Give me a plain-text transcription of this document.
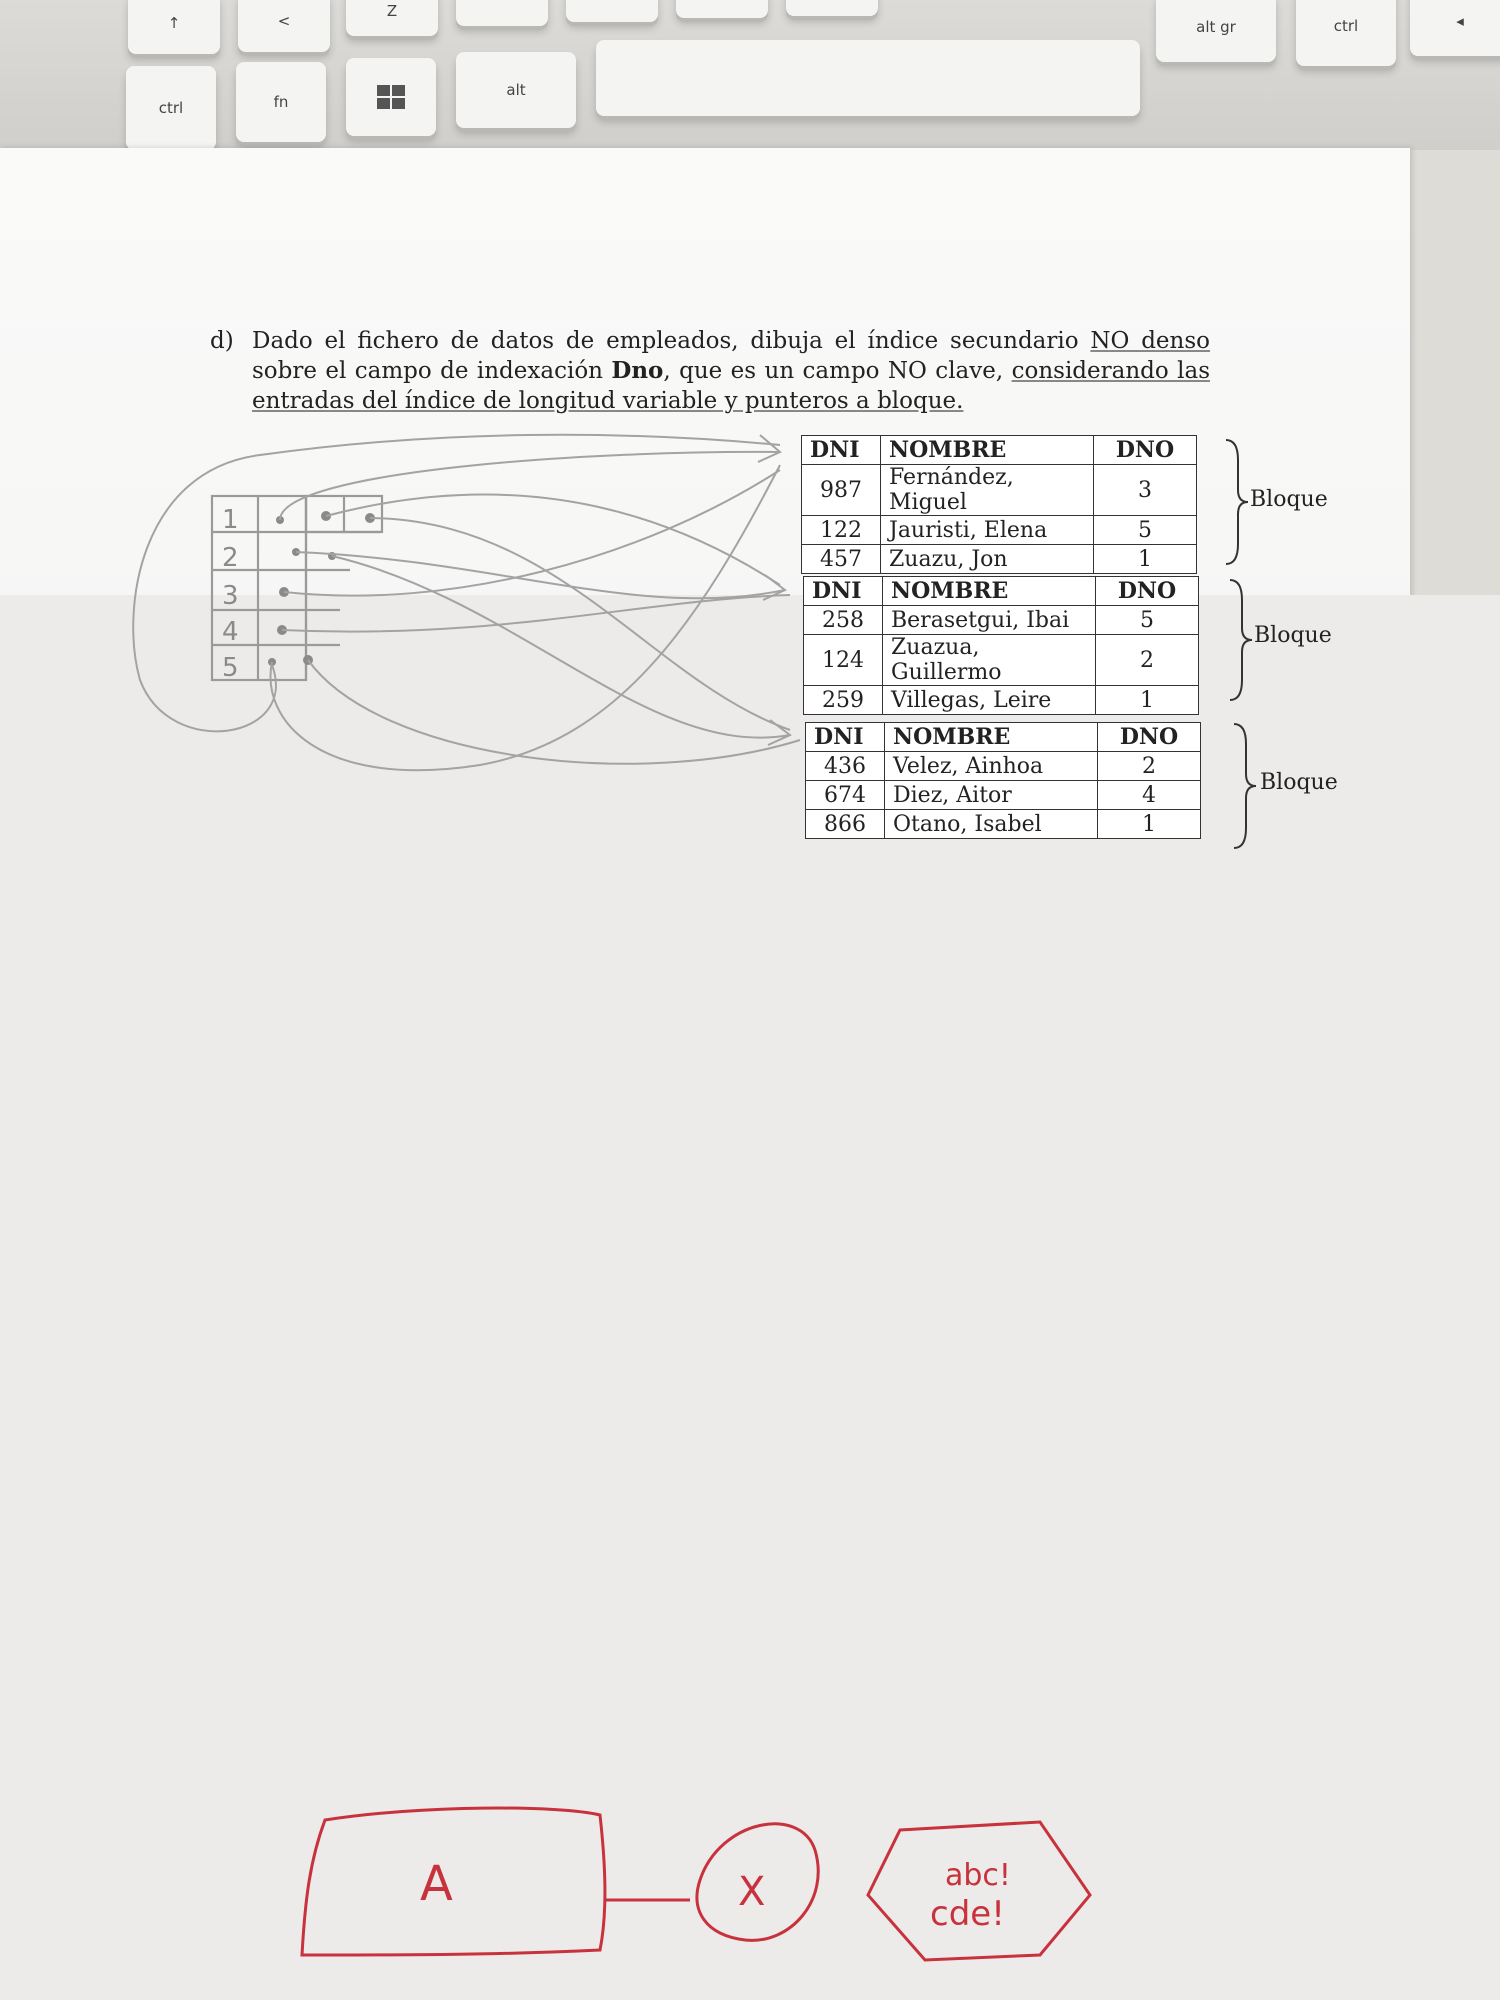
↑	<
Z
alt gr	ctrl	◂
ctrl	fn
alt
d) Dado el fichero de datos de empleados, dibuja el índice secundario NO denso sobre el campo de indexación Dno, que es un campo NO clave, considerando las entradas del índice de longitud variable y punteros a bloque.
DNI	NOMBRE	DNO
987	Fernández, Miguel	3
122	Jauristi, Elena	5
457	Zuazu, Jon	1
Bloque
DNI	NOMBRE	DNO
258	Berasetgui, Ibai	5
124	Zuazua, Guillermo	2
259	Villegas, Leire	1
Bloque
DNI	NOMBRE	DNO
436	Velez, Ainhoa	2
674	Diez, Aitor	4
866	Otano, Isabel	1
Bloque
1
2
3
4
5
A	X	abc!
cde!
